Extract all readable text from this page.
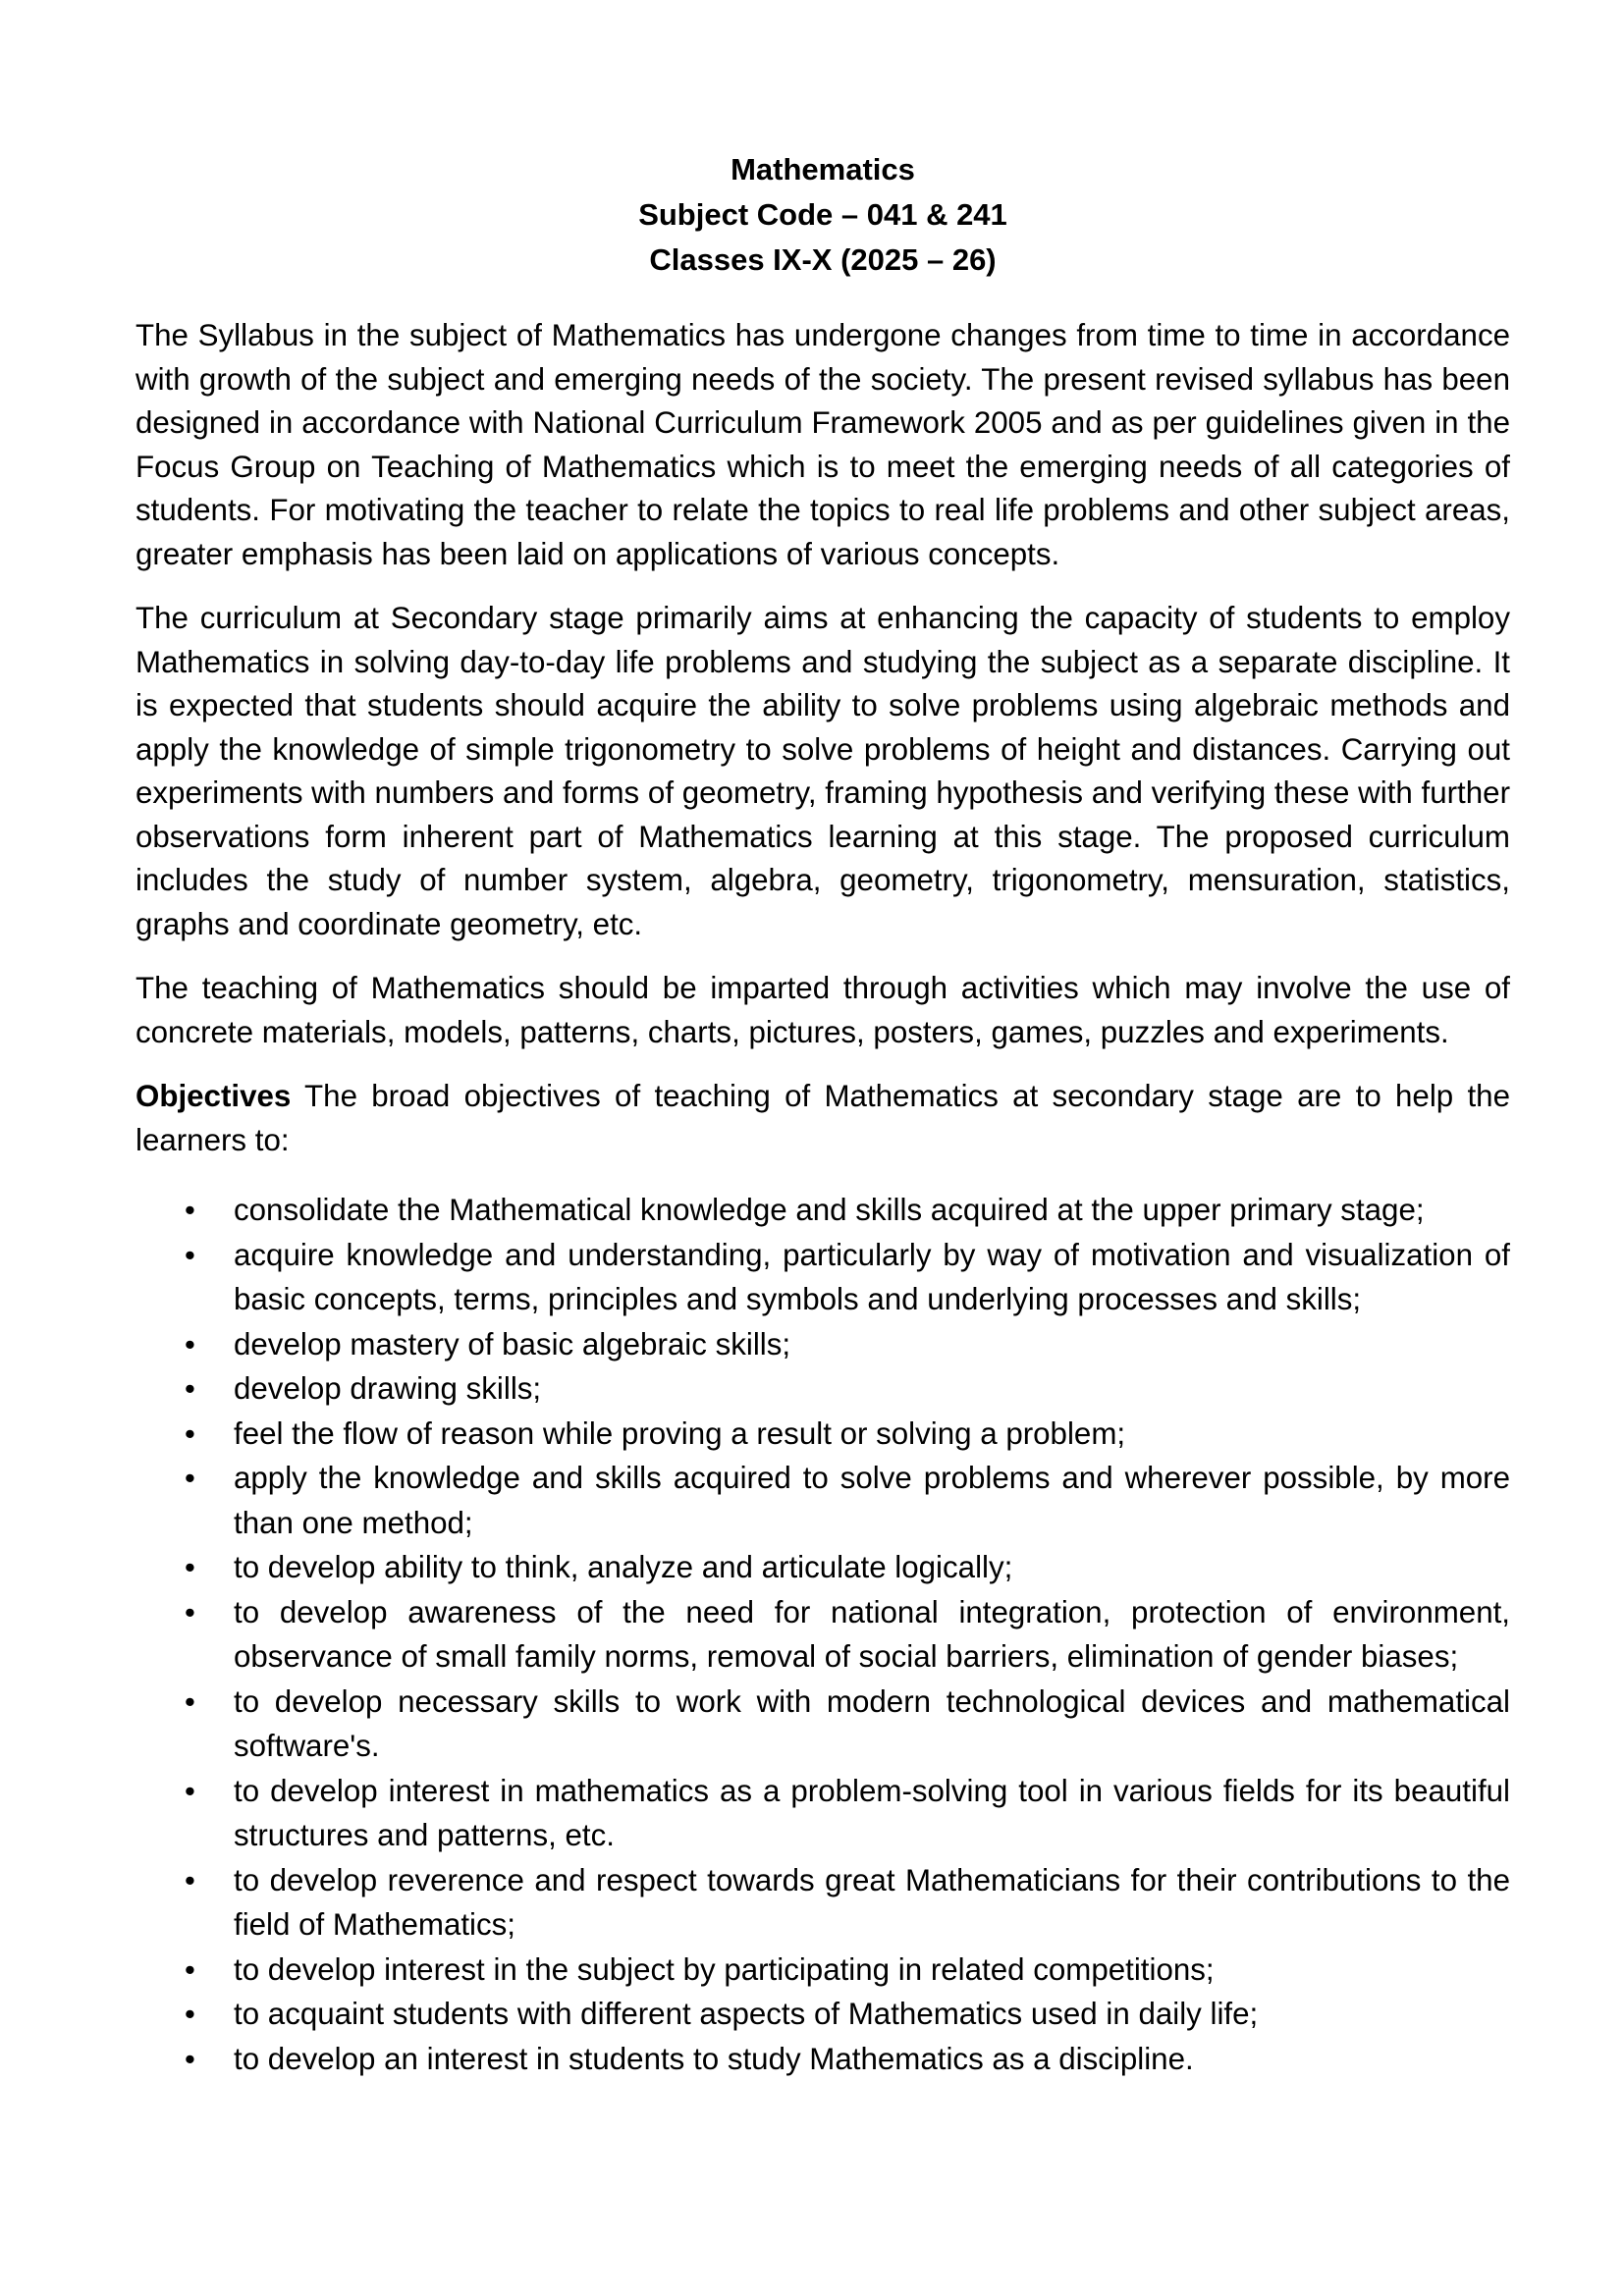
Mathematics
Subject Code – 041 & 241
Classes IX-X (2025 – 26)

The Syllabus in the subject of Mathematics has undergone changes from time to time in accordance with growth of the subject and emerging needs of the society. The present revised syllabus has been designed in accordance with National Curriculum Framework 2005 and as per guidelines given in the Focus Group on Teaching of Mathematics which is to meet the emerging needs of all categories of students. For motivating the teacher to relate the topics to real life problems and other subject areas, greater emphasis has been laid on applications of various concepts.

The curriculum at Secondary stage primarily aims at enhancing the capacity of students to employ Mathematics in solving day-to-day life problems and studying the subject as a separate discipline. It is expected that students should acquire the ability to solve problems using algebraic methods and apply the knowledge of simple trigonometry to solve problems of height and distances. Carrying out experiments with numbers and forms of geometry, framing hypothesis and verifying these with further observations form inherent part of Mathematics learning at this stage. The proposed curriculum includes the study of number system, algebra, geometry, trigonometry, mensuration, statistics, graphs and coordinate geometry, etc.

The teaching of Mathematics should be imparted through activities which may involve the use of concrete materials, models, patterns, charts, pictures, posters, games, puzzles and experiments.

Objectives The broad objectives of teaching of Mathematics at secondary stage are to help the learners to:

• consolidate the Mathematical knowledge and skills acquired at the upper primary stage;
• acquire knowledge and understanding, particularly by way of motivation and visualization of basic concepts, terms, principles and symbols and underlying processes and skills;
• develop mastery of basic algebraic skills;
• develop drawing skills;
• feel the flow of reason while proving a result or solving a problem;
• apply the knowledge and skills acquired to solve problems and wherever possible, by more than one method;
• to develop ability to think, analyze and articulate logically;
• to develop awareness of the need for national integration, protection of environment, observance of small family norms, removal of social barriers, elimination of gender biases;
• to develop necessary skills to work with modern technological devices and mathematical software's.
• to develop interest in mathematics as a problem-solving tool in various fields for its beautiful structures and patterns, etc.
• to develop reverence and respect towards great Mathematicians for their contributions to the field of Mathematics;
• to develop interest in the subject by participating in related competitions;
• to acquaint students with different aspects of Mathematics used in daily life;
• to develop an interest in students to study Mathematics as a discipline.
